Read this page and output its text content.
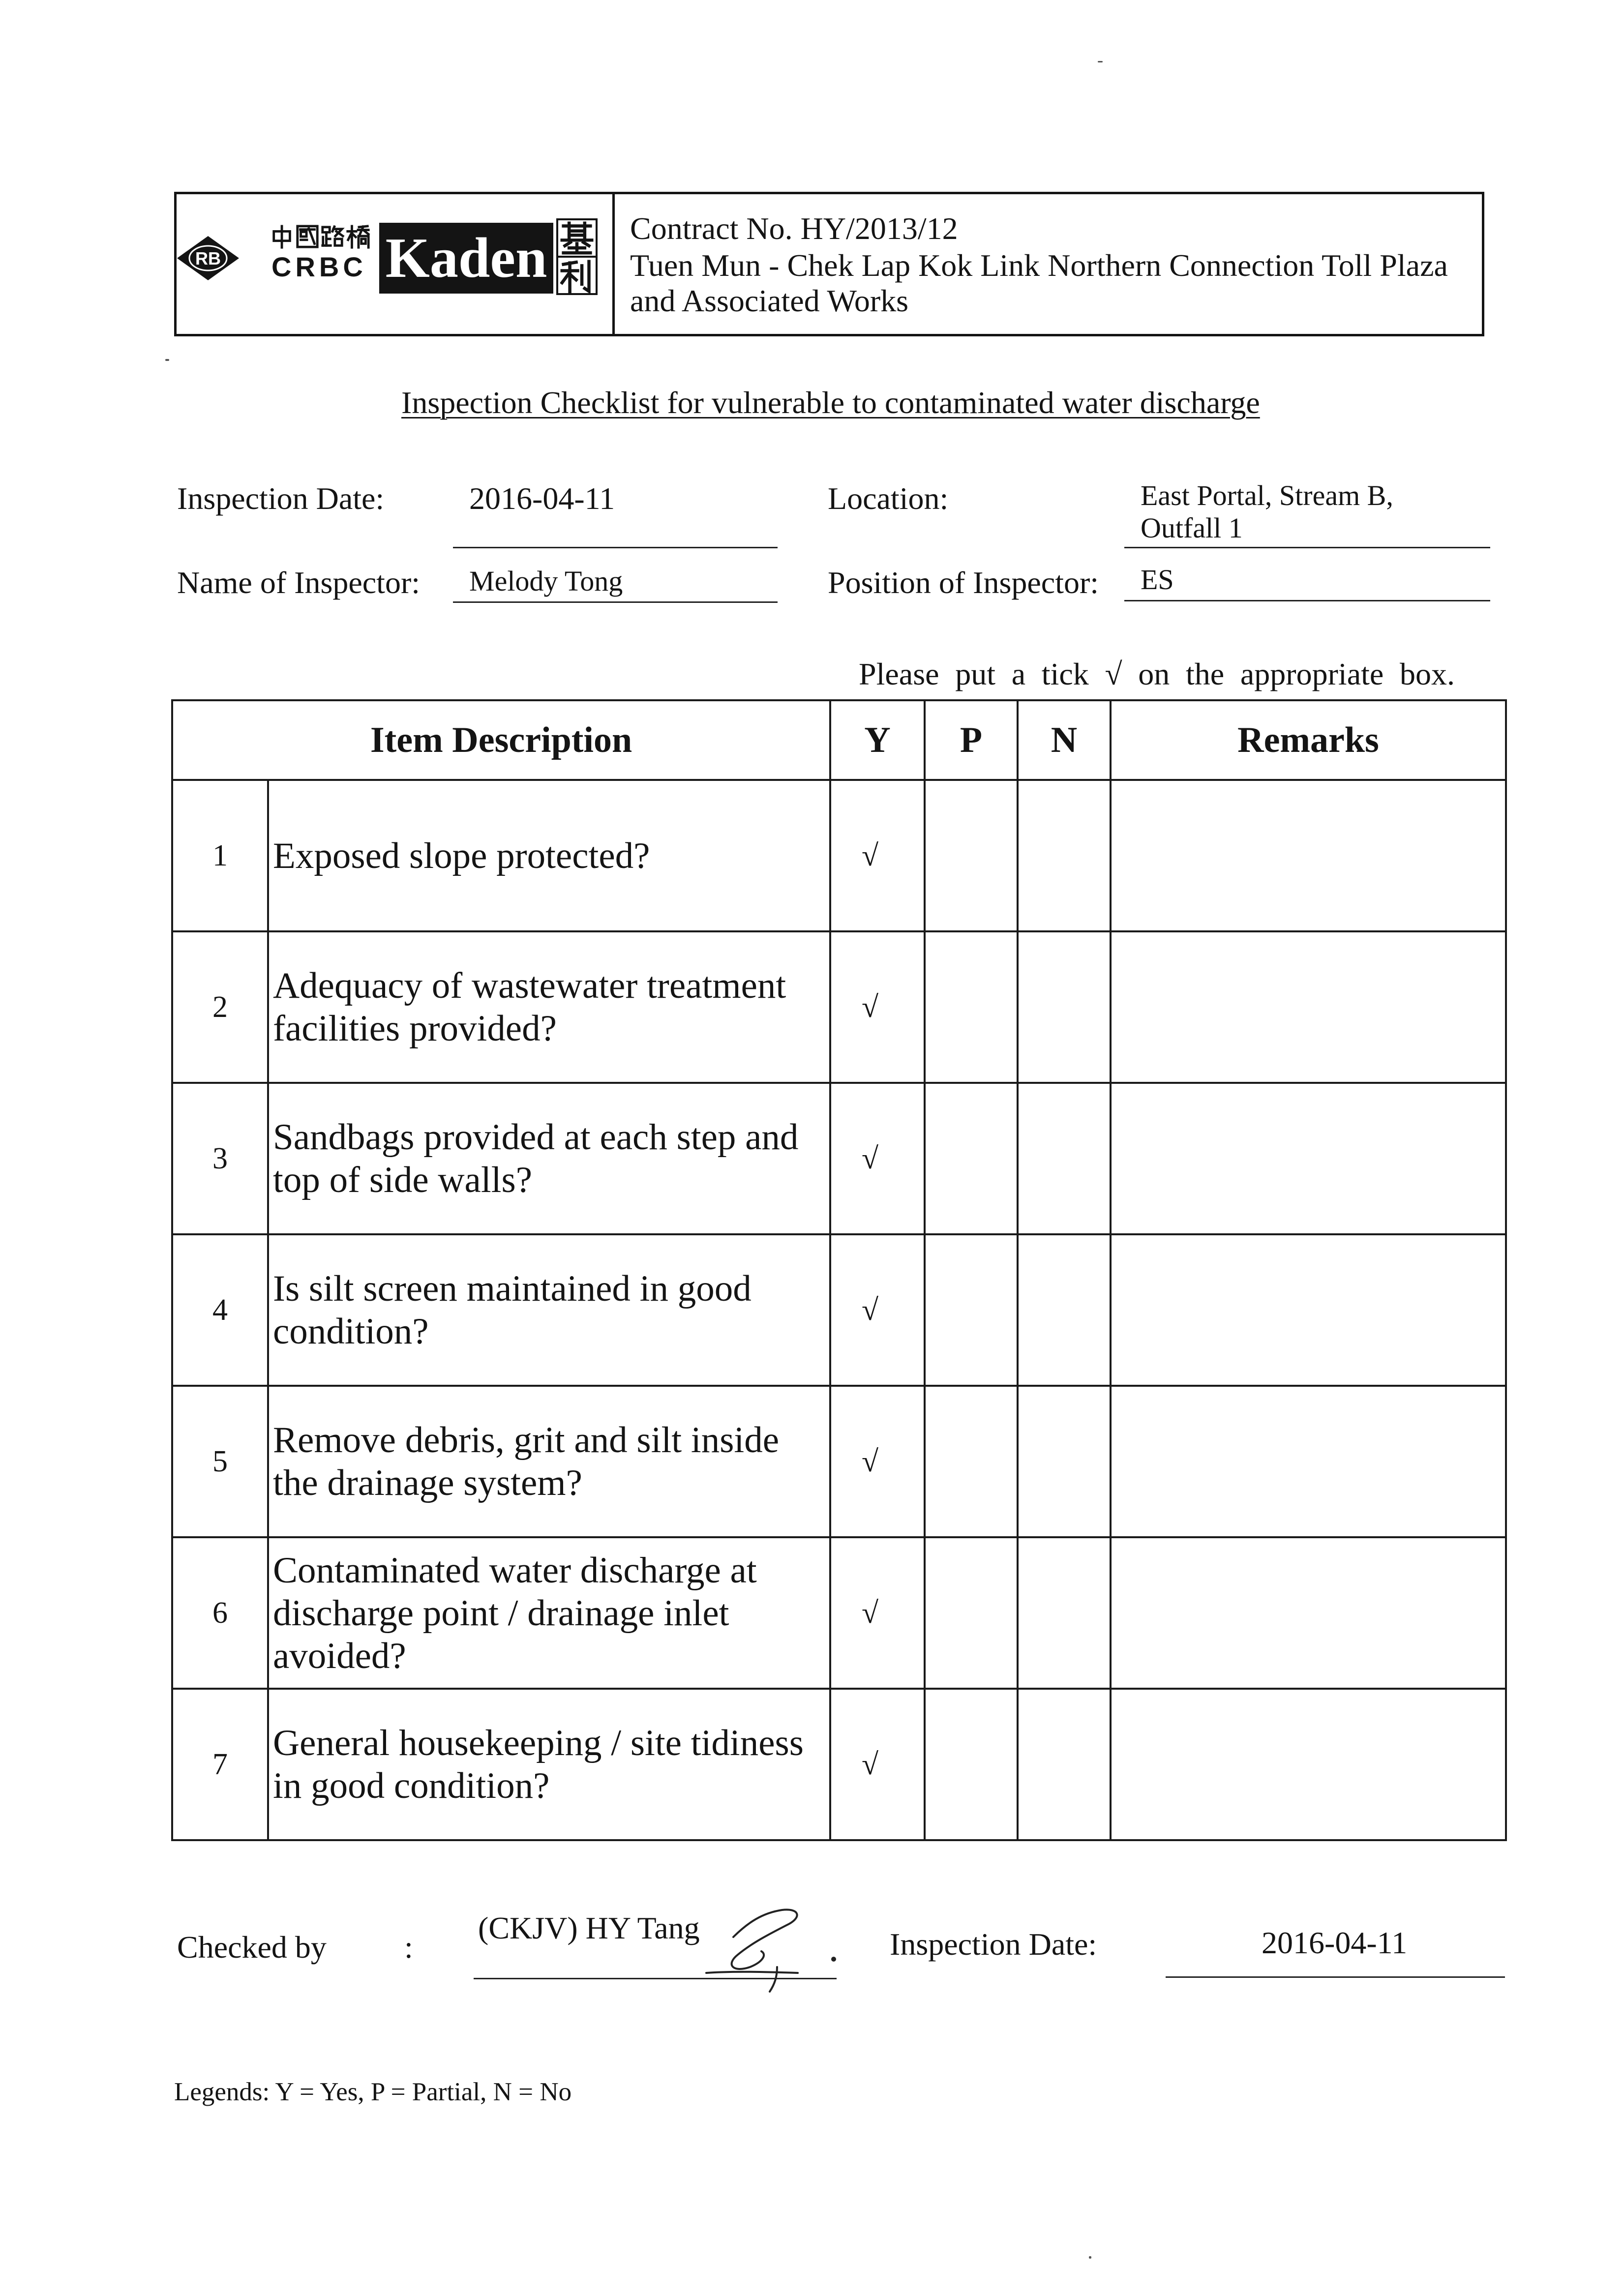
RB CRBC Kaden	Contract No. HY/2013/12
Tuen Mun - Chek Lap Kok Link Northern Connection Toll Plaza
and Associated Works
Inspection Checklist for vulnerable to contaminated water discharge
Inspection Date:	2016-04-11	Location:	East Portal, Stream B,
Outfall 1
Name of Inspector: Melody Tong	Position of Inspector: ES
Please put a tick √ on the appropriate box.
Item Description		Y	P	N	Remarks
1	Exposed slope protected?	√			
2	Adequacy of wastewater treatment
facilities provided?	√			
3	Sandbags provided at each step and
top of side walls?	√			
4	Is silt screen maintained in good
condition?	√			
5	Remove debris, grit and silt inside
the drainage system?	√			
6	Contaminated water discharge at
discharge point / drainage inlet
avoided?	√			
7	General housekeeping / site tidiness
in good condition?	√			
Checked by :
(CKJV) HY Tang	Inspection Date:	2016-04-11
Legends: Y = Yes, P = Partial, N = No
